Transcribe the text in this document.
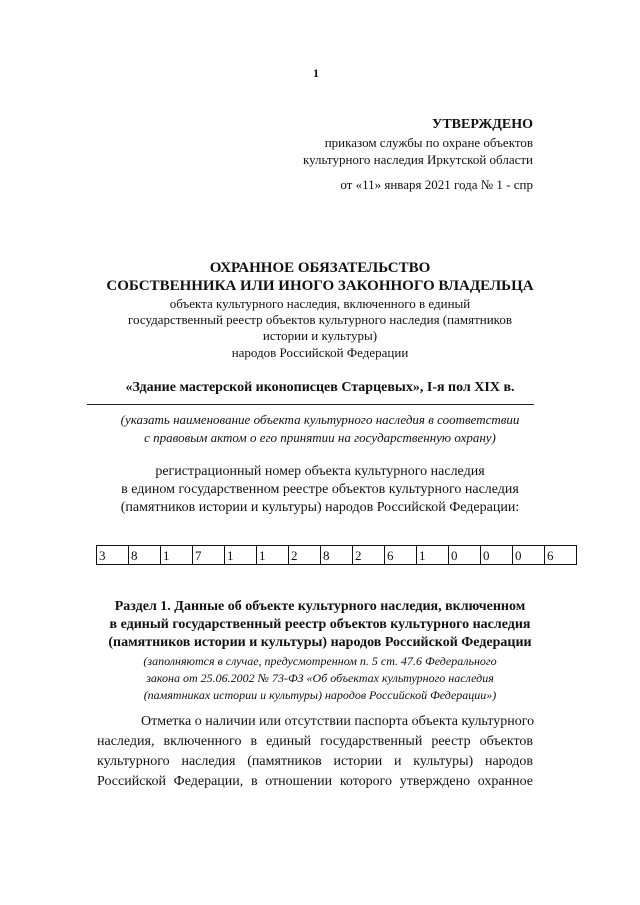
1
УТВЕРЖДЕНО
приказом службы по охране объектов
культурного наследия Иркутской области
от «11» января 2021 года № 1 - спр
ОХРАННОЕ ОБЯЗАТЕЛЬСТВО
СОБСТВЕННИКА ИЛИ ИНОГО ЗАКОННОГО ВЛАДЕЛЬЦА
объекта культурного наследия, включенного в единый
государственный реестр объектов культурного наследия (памятников
истории и культуры)
народов Российской Федерации
«Здание мастерской иконописцев Старцевых», I-я пол XIX в.
(указать наименование объекта культурного наследия в соответствии
с правовым актом о его принятии на государственную охрану)
регистрационный номер объекта культурного наследия
в едином государственном реестре объектов культурного наследия
(памятников истории и культуры) народов Российской Федерации:
3	8	1	7	1	1	2	8	2	6	1	0	0	0	6
Раздел 1. Данные об объекте культурного наследия, включенном
в единый государственный реестр объектов культурного наследия
(памятников истории и культуры) народов Российской Федерации
(заполняются в случае, предусмотренном п. 5 ст. 47.6 Федерального
закона от 25.06.2002 № 73-ФЗ «Об объектах культурного наследия
(памятниках истории и культуры) народов Российской Федерации»)
Отметка о наличии или отсутствии паспорта объекта культурного
наследия, включенного в единый государственный реестр объектов
культурного наследия (памятников истории и культуры) народов
Российской Федерации, в отношении которого утверждено охранное
